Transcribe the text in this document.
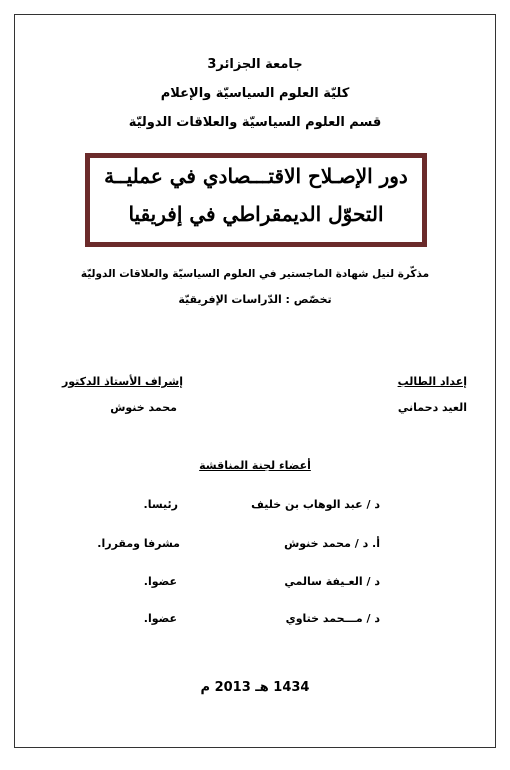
جامعة الجزائر3
كليّة العلوم السياسيّة والإعلام
قسم العلوم السياسيّة والعلاقات الدوليّة
دور الإصـلاح الاقتـــصادي في عمليــة
التحوّل الديمقراطي في إفريقيا
مذكّرة لنيل شهادة الماجستير في العلوم السياسيّة والعلاقات الدوليّة
تخصّص : الدّراسات الإفريقيّة
إعداد الطالب
العيد دحماني
إشراف الأستاذ الدكتور
محمد خنوش
أعضاء لجنة المناقشة
د / عبد الوهاب بن خليف
رئيسا.
أ. د / محمد خنوش
مشرفا ومقررا.
د / العـيفة سالمي
عضوا.
د / مـــحمد ختاوي
عضوا.
1434 هـ 2013 م
